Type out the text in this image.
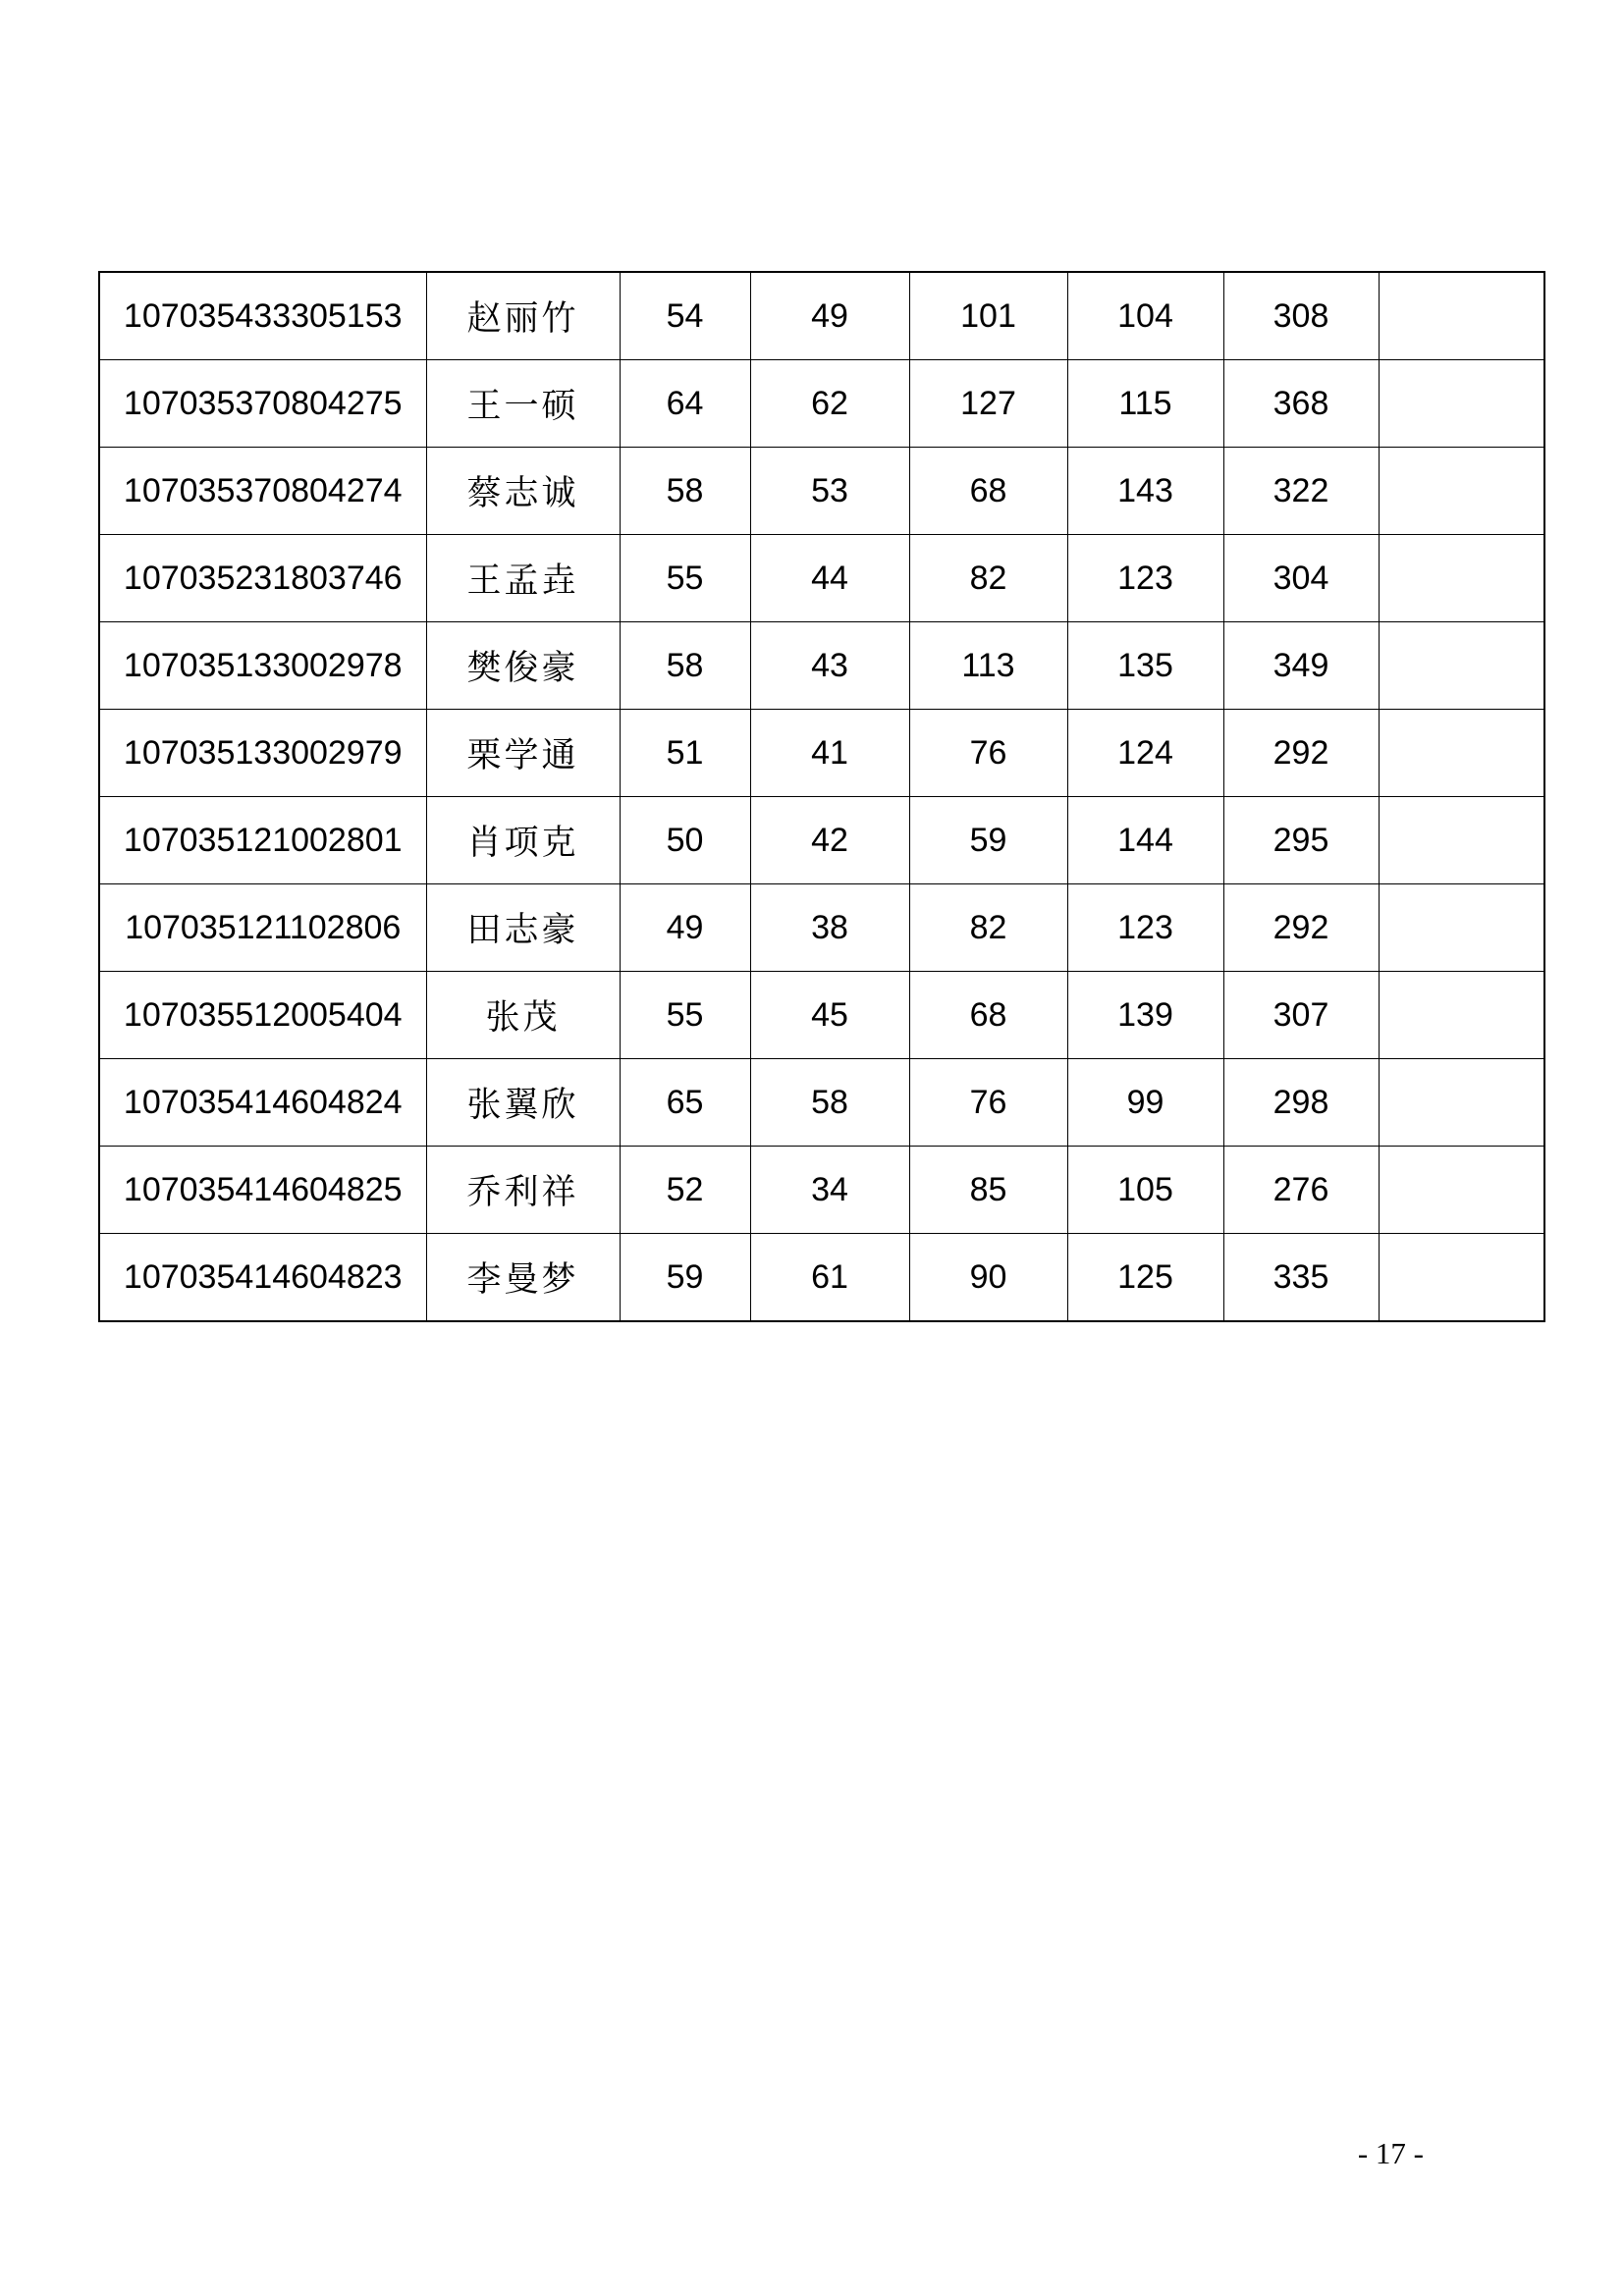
107035433305153	赵丽竹	54	49	101	104	308	
107035370804275	王一硕	64	62	127	115	368	
107035370804274	蔡志诚	58	53	68	143	322	
107035231803746	王孟垚	55	44	82	123	304	
107035133002978	樊俊豪	58	43	113	135	349	
107035133002979	栗学通	51	41	76	124	292	
107035121002801	肖项克	50	42	59	144	295	
107035121102806	田志豪	49	38	82	123	292	
107035512005404	张茂	55	45	68	139	307	
107035414604824	张翼欣	65	58	76	99	298	
107035414604825	乔利祥	52	34	85	105	276	
107035414604823	李曼梦	59	61	90	125	335	
- 17 -
